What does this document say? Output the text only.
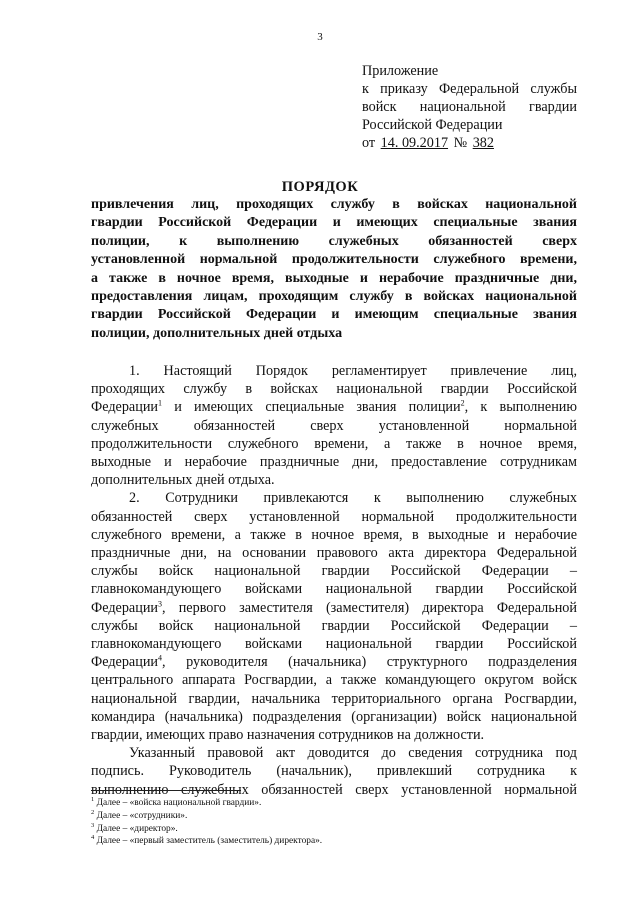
3
Приложение
к приказу Федеральной службы
войск национальной гвардии
Российской Федерации
от 14. 09.2017 № 382
ПОРЯДОК
привлечения лиц, проходящих службу в войсках национальной
гвардии Российской Федерации и имеющих специальные звания
полиции, к выполнению служебных обязанностей сверх
установленной нормальной продолжительности служебного времени,
а также в ночное время, выходные и нерабочие праздничные дни,
предоставления лицам, проходящим службу в войсках национальной
гвардии Российской Федерации и имеющим специальные звания
полиции, дополнительных дней отдыха
1. Настоящий Порядок регламентирует привлечение лиц,
проходящих службу в войсках национальной гвардии Российской
Федерации$^1$ и имеющих специальные звания полиции$^2$, к выполнению
служебных обязанностей сверх установленной нормальной
продолжительности служебного времени, а также в ночное время,
выходные и нерабочие праздничные дни, предоставление сотрудникам
дополнительных дней отдыха.
2. Сотрудники привлекаются к выполнению служебных
обязанностей сверх установленной нормальной продолжительности
служебного времени, а также в ночное время, в выходные и нерабочие
праздничные дни, на основании правового акта директора Федеральной
службы войск национальной гвардии Российской Федерации –
главнокомандующего войсками национальной гвардии Российской
Федерации$^3$, первого заместителя (заместителя) директора Федеральной
службы войск национальной гвардии Российской Федерации –
главнокомандующего войсками национальной гвардии Российской
Федерации$^4$, руководителя (начальника) структурного подразделения
центрального аппарата Росгвардии, а также командующего округом войск
национальной гвардии, начальника территориального органа Росгвардии,
командира (начальника) подразделения (организации) войск национальной
гвардии, имеющих право назначения сотрудников на должности.
Указанный правовой акт доводится до сведения сотрудника под
подпись. Руководитель (начальник), привлекший сотрудника к
выполнению служебных обязанностей сверх установленной нормальной
$^1$ Далее – «войска национальной гвардии».
$^2$ Далее – «сотрудники».
$^3$ Далее – «директор».
$^4$ Далее – «первый заместитель (заместитель) директора».
